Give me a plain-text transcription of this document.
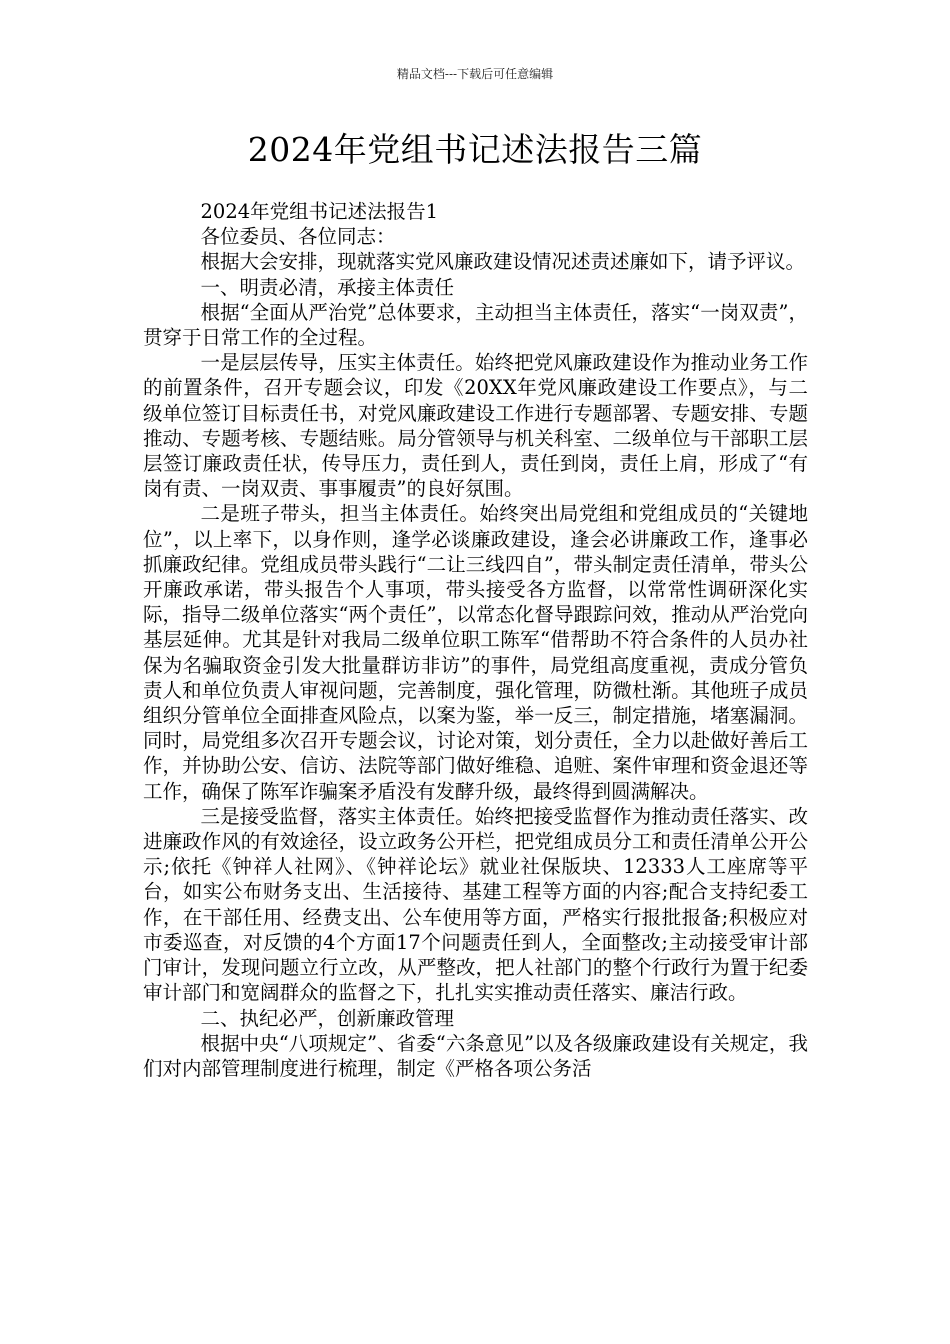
精品文档---下载后可任意编辑
2024年党组书记述法报告三篇

2024年党组书记述法报告1

各位委员、各位同志：

根据大会安排，现就落实党风廉政建设情况述责述廉如下，请予评议。

一、明责必清，承接主体责任

根据“全面从严治党”总体要求，主动担当主体责任，落实“一岗双责”，贯穿于日常工作的全过程。

一是层层传导，压实主体责任。始终把党风廉政建设作为推动业务工作的前置条件，召开专题会议，印发《20XX年党风廉政建设工作要点》，与二级单位签订目标责任书，对党风廉政建设工作进行专题部署、专题安排、专题推动、专题考核、专题结账。局分管领导与机关科室、二级单位与干部职工层层签订廉政责任状，传导压力，责任到人，责任到岗，责任上肩，形成了“有岗有责、一岗双责、事事履责”的良好氛围。

二是班子带头，担当主体责任。始终突出局党组和党组成员的“关键地位”，以上率下，以身作则，逢学必谈廉政建设，逢会必讲廉政工作，逢事必抓廉政纪律。党组成员带头践行“二让三线四自”，带头制定责任清单，带头公开廉政承诺，带头报告个人事项，带头接受各方监督，以常常性调研深化实际，指导二级单位落实“两个责任”，以常态化督导跟踪问效，推动从严治党向基层延伸。尤其是针对我局二级单位职工陈军“借帮助不符合条件的人员办社保为名骗取资金引发大批量群访非访”的事件，局党组高度重视，责成分管负责人和单位负责人审视问题，完善制度，强化管理，防微杜渐。其他班子成员组织分管单位全面排查风险点，以案为鉴，举一反三，制定措施，堵塞漏洞。同时，局党组多次召开专题会议，讨论对策，划分责任，全力以赴做好善后工作，并协助公安、信访、法院等部门做好维稳、追赃、案件审理和资金退还等工作，确保了陈军诈骗案矛盾没有发酵升级，最终得到圆满解决。

三是接受监督，落实主体责任。始终把接受监督作为推动责任落实、改进廉政作风的有效途径，设立政务公开栏，把党组成员分工和责任清单公开公示;依托《钟祥人社网》、《钟祥论坛》就业社保版块、12333人工座席等平台，如实公布财务支出、生活接待、基建工程等方面的内容;配合支持纪委工作，在干部任用、经费支出、公车使用等方面，严格实行报批报备;积极应对市委巡查，对反馈的4个方面17个问题责任到人，全面整改;主动接受审计部门审计，发现问题立行立改，从严整改，把人社部门的整个行政行为置于纪委审计部门和宽阔群众的监督之下，扎扎实实推动责任落实、廉洁行政。

二、执纪必严，创新廉政管理

根据中央“八项规定”、省委“六条意见”以及各级廉政建设有关规定，我们对内部管理制度进行梳理，制定《严格各项公务活
